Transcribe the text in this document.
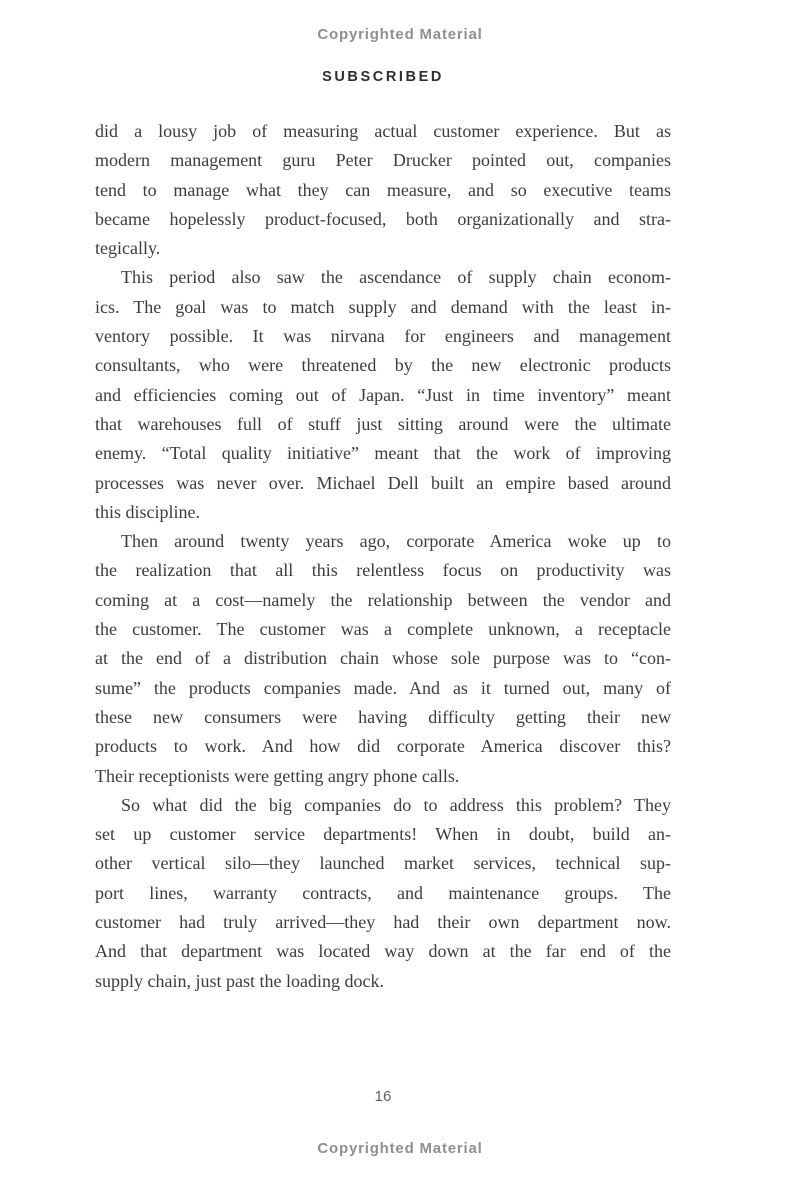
Copyrighted Material
SUBSCRIBED
did a lousy job of measuring actual customer experience. But as
modern management guru Peter Drucker pointed out, companies
tend to manage what they can measure, and so executive teams
became hopelessly product-focused, both organizationally and stra-
tegically.
This period also saw the ascendance of supply chain econom-
ics. The goal was to match supply and demand with the least in-
ventory possible. It was nirvana for engineers and management
consultants, who were threatened by the new electronic products
and efficiencies coming out of Japan. “Just in time inventory” meant
that warehouses full of stuff just sitting around were the ultimate
enemy. “Total quality initiative” meant that the work of improving
processes was never over. Michael Dell built an empire based around
this discipline.
Then around twenty years ago, corporate America woke up to
the realization that all this relentless focus on productivity was
coming at a cost—namely the relationship between the vendor and
the customer. The customer was a complete unknown, a receptacle
at the end of a distribution chain whose sole purpose was to “con-
sume” the products companies made. And as it turned out, many of
these new consumers were having difficulty getting their new
products to work. And how did corporate America discover this?
Their receptionists were getting angry phone calls.
So what did the big companies do to address this problem? They
set up customer service departments! When in doubt, build an-
other vertical silo—they launched market services, technical sup-
port lines, warranty contracts, and maintenance groups. The
customer had truly arrived—they had their own department now.
And that department was located way down at the far end of the
supply chain, just past the loading dock.
16
Copyrighted Material
